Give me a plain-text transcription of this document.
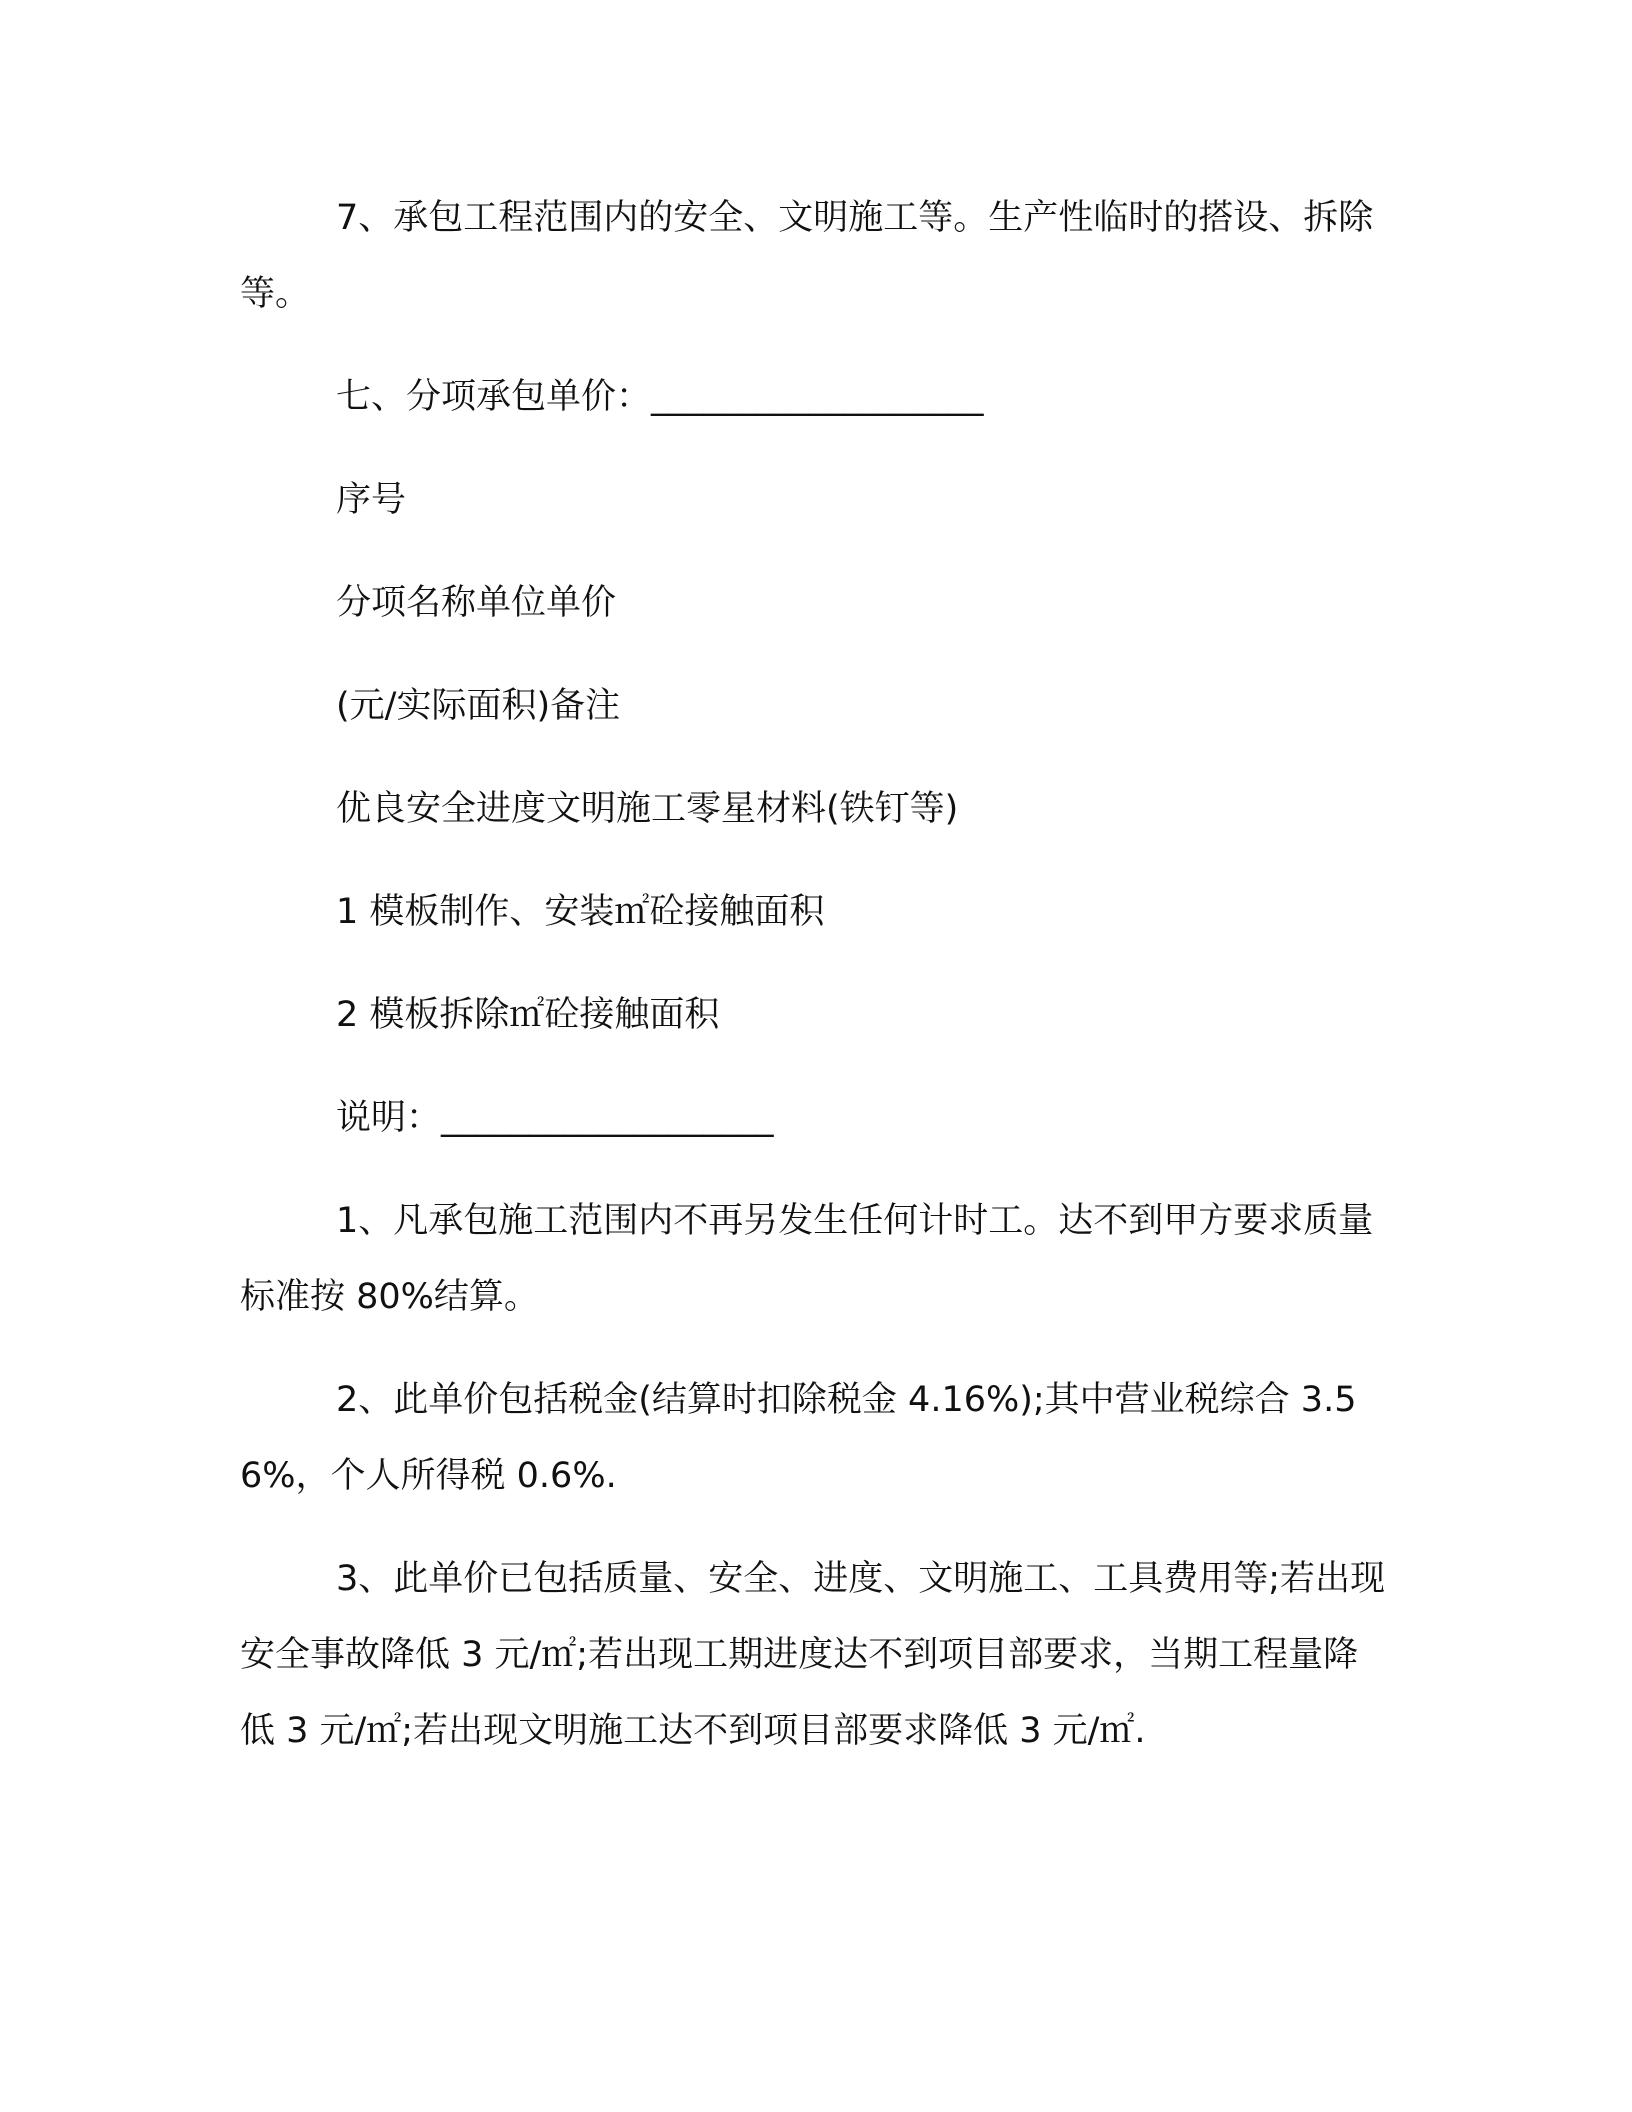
7、承包工程范围内的安全、文明施工等。生产性临时的搭设、拆除等。

七、分项承包单价：___________________

序号

分项名称单位单价

(元/实际面积)备注

优良安全进度文明施工零星材料(铁钉等)

1 模板制作、安装㎡砼接触面积

2 模板拆除㎡砼接触面积

说明：___________________

1、凡承包施工范围内不再另发生任何计时工。达不到甲方要求质量标准按 80%结算。

2、此单价包括税金(结算时扣除税金 4.16%);其中营业税综合 3.56%，个人所得税 0.6%.

3、此单价已包括质量、安全、进度、文明施工、工具费用等;若出现安全事故降低 3 元/㎡;若出现工期进度达不到项目部要求，当期工程量降低 3 元/㎡;若出现文明施工达不到项目部要求降低 3 元/㎡.
